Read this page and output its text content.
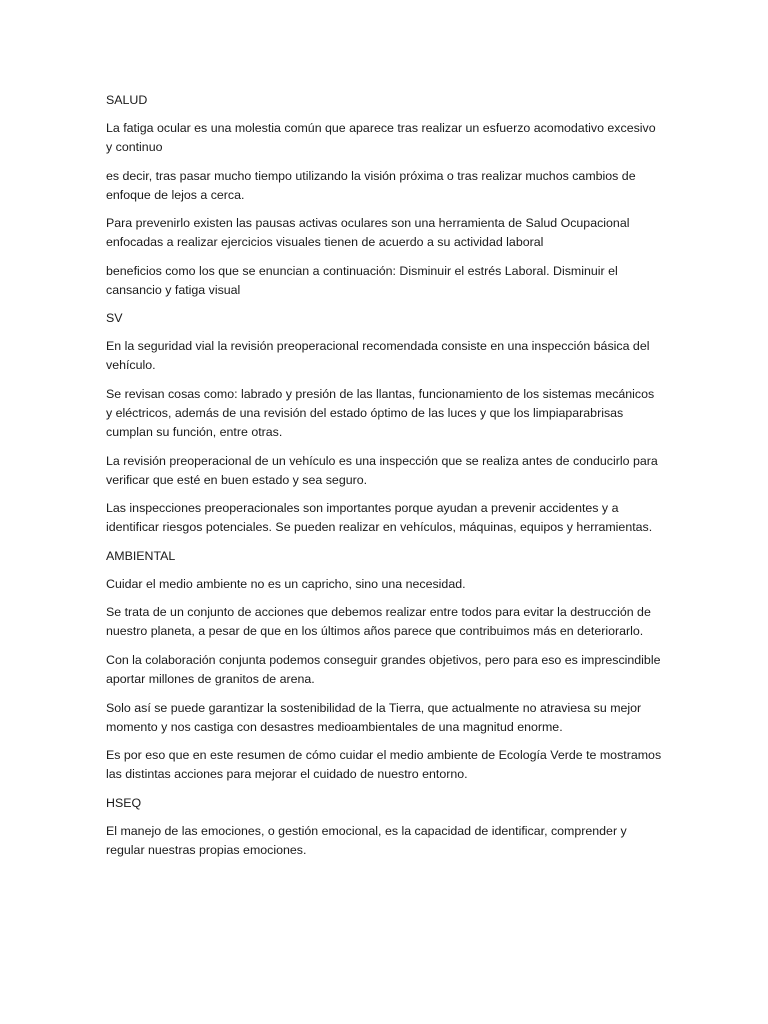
SALUD

La fatiga ocular es una molestia común que aparece tras realizar un esfuerzo acomodativo excesivo y continuo

es decir, tras pasar mucho tiempo utilizando la visión próxima o tras realizar muchos cambios de enfoque de lejos a cerca.

Para prevenirlo existen las pausas activas oculares son una herramienta de Salud Ocupacional enfocadas a realizar ejercicios visuales tienen de acuerdo a su actividad laboral

beneficios como los que se enuncian a continuación: Disminuir el estrés Laboral. Disminuir el cansancio y fatiga visual

SV

En la seguridad vial la revisión preoperacional recomendada consiste en una inspección básica del vehículo.

Se revisan cosas como: labrado y presión de las llantas, funcionamiento de los sistemas mecánicos y eléctricos, además de una revisión del estado óptimo de las luces y que los limpiaparabrisas cumplan su función, entre otras.

La revisión preoperacional de un vehículo es una inspección que se realiza antes de conducirlo para verificar que esté en buen estado y sea seguro.

Las inspecciones preoperacionales son importantes porque ayudan a prevenir accidentes y a identificar riesgos potenciales. Se pueden realizar en vehículos, máquinas, equipos y herramientas.

AMBIENTAL

Cuidar el medio ambiente no es un capricho, sino una necesidad.

Se trata de un conjunto de acciones que debemos realizar entre todos para evitar la destrucción de nuestro planeta, a pesar de que en los últimos años parece que contribuimos más en deteriorarlo.

Con la colaboración conjunta podemos conseguir grandes objetivos, pero para eso es imprescindible aportar millones de granitos de arena.

Solo así se puede garantizar la sostenibilidad de la Tierra, que actualmente no atraviesa su mejor momento y nos castiga con desastres medioambientales de una magnitud enorme.

Es por eso que en este resumen de cómo cuidar el medio ambiente de Ecología Verde te mostramos las distintas acciones para mejorar el cuidado de nuestro entorno.

HSEQ

El manejo de las emociones, o gestión emocional, es la capacidad de identificar, comprender y regular nuestras propias emociones.
